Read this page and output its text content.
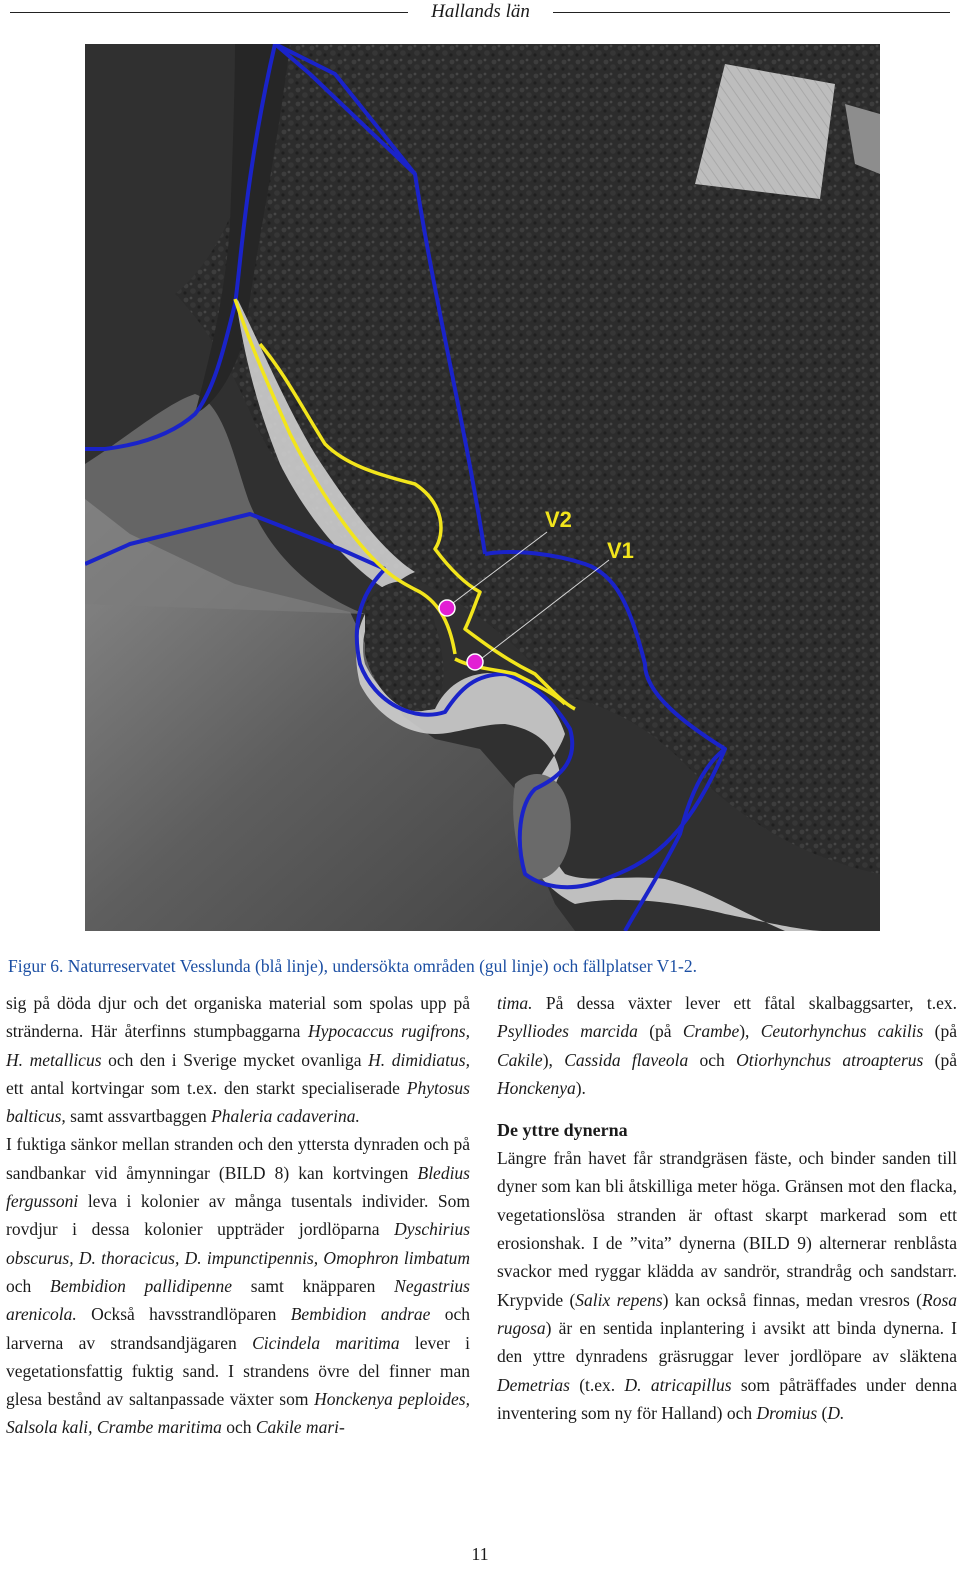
Hallands län
V2
V1
Figur 6. Naturreservatet Vesslunda (blå linje), undersökta områden (gul linje) och fällplatser V1-2.

sig på döda djur och det organiska material som spolas upp på stränderna. Här återfinns stumpbaggarna Hypocaccus rugifrons, H. metallicus och den i Sverige mycket ovanliga H. dimidiatus, ett antal kortvingar som t.ex. den starkt specialiserade Phytosus balticus, samt assvartbaggen Phaleria cadaverina.

I fuktiga sänkor mellan stranden och den yttersta dynraden och på sandbankar vid åmynningar (BILD 8) kan kortvingen Bledius fergussoni leva i kolonier av många tusentals individer. Som rovdjur i dessa kolonier uppträder jordlöparna Dyschirius obscurus, D. thoracicus, D. impunctipennis, Omophron limbatum och Bembidion pallidipenne samt knäpparen Negastrius arenicola. Också havsstrandlöparen Bembidion andrae och larverna av strandsandjägaren Cicindela maritima lever i vegetationsfattig fuktig sand. I strandens övre del finner man glesa bestånd av saltanpassade växter som Honckenya peploides, Salsola kali, Crambe maritima och Cakile mari-

tima. På dessa växter lever ett fåtal skalbaggsarter, t.ex. Psylliodes marcida (på Crambe), Ceutorhynchus cakilis (på Cakile), Cassida flaveola och Otiorhynchus atroapterus (på Honckenya).

De yttre dynerna

Längre från havet får strandgräsen fäste, och binder sanden till dyner som kan bli åtskilliga meter höga. Gränsen mot den flacka, vegetationslösa stranden är oftast skarpt markerad som ett erosionshak. I de ”vita” dynerna (BILD 9) alternerar renblåsta svackor med ryggar klädda av sandrör, strandråg och sandstarr. Krypvide (Salix repens) kan också finnas, medan vresros (Rosa rugosa) är en sentida inplantering i avsikt att binda dynerna. I den yttre dynradens gräsruggar lever jordlöpare av släktena Demetrias (t.ex. D. atricapillus som påträffades under denna inventering som ny för Halland) och Dromius (D.

11
